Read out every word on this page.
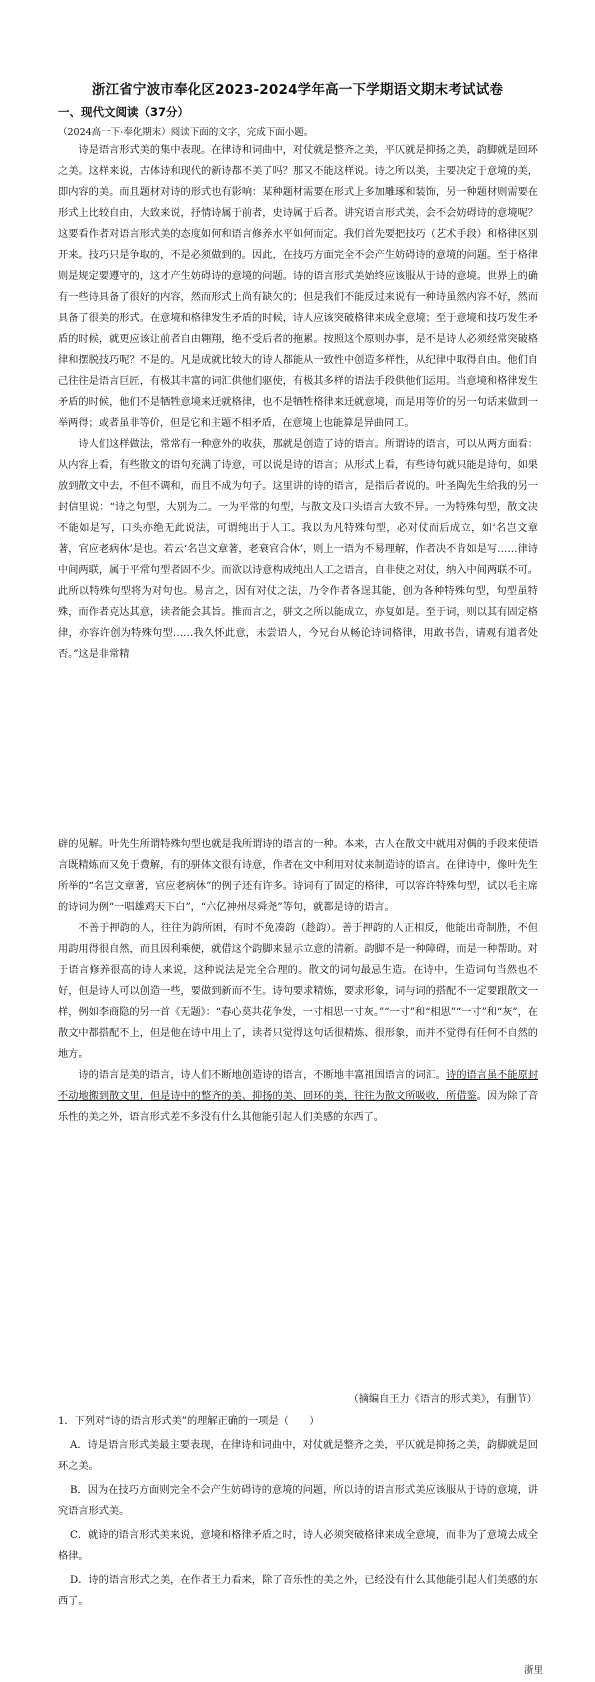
浙江省宁波市奉化区2023-2024学年高一下学期语文期末考试试卷
一、现代文阅读（37分）
（2024高一下·奉化期末）阅读下面的文字，完成下面小题。

诗是语言形式美的集中表现。在律诗和词曲中，对仗就是整齐之美，平仄就是抑扬之美，韵脚就是回环之美。这样来说，古体诗和现代的新诗都不美了吗？那又不能这样说。诗之所以美，主要决定于意境的美，即内容的美。而且题材对诗的形式也有影响：某种题材需要在形式上多加雕琢和装饰，另一种题材则需要在形式上比较自由，大致来说，抒情诗属于前者，史诗属于后者。讲究语言形式美，会不会妨碍诗的意境呢？这要看作者对语言形式美的态度如何和语言修养水平如何而定。我们首先要把技巧（艺术手段）和格律区别开来。技巧只是争取的，不是必须做到的。因此，在技巧方面完全不会产生妨碍诗的意境的问题。至于格律则是规定要遵守的，这才产生妨碍诗的意境的问题。诗的语言形式美始终应该服从于诗的意境。世界上的确有一些诗具备了很好的内容，然而形式上尚有缺欠的；但是我们不能反过来说有一种诗虽然内容不好，然而具备了很美的形式。在意境和格律发生矛盾的时候，诗人应该突破格律来成全意境；至于意境和技巧发生矛盾的时候，就更应该让前者自由翱翔，绝不受后者的拖累。按照这个原则办事，是不是诗人必须经常突破格律和摆脱技巧呢？不是的。凡是成就比较大的诗人都能从一致性中创造多样性，从纪律中取得自由。他们自己往往是语言巨匠，有极其丰富的词汇供他们驱使，有极其多样的语法手段供他们运用。当意境和格律发生矛盾的时候，他们不是牺牲意境来迁就格律，也不是牺牲格律来迁就意境，而是用等价的另一句话来做到一举两得；或者虽非等价，但是它和主题不相矛盾，在意境上也能算是异曲同工。

诗人们这样做法，常常有一种意外的收获，那就是创造了诗的语言。所谓诗的语言，可以从两方面看：从内容上看，有些散文的语句充满了诗意，可以说是诗的语言；从形式上看，有些诗句就只能是诗句，如果放到散文中去，不但不调和，而且不成为句子。这里讲的诗的语言，是指后者说的。叶圣陶先生给我的另一封信里说：“诗之句型，大别为二。一为平常的句型，与散文及口头语言大致不异。一为特殊句型，散文决不能如是写，口头亦绝无此说法，可谓纯出于人工。我以为凡特殊句型，必对仗而后成立，如‘名岂文章著，官应老病休’是也。若云‘名岂文章著，老衰官合休’，则上一语为不易理解，作者决不肯如是写……律诗中间两联，属于平常句型者固不少。而欲以诗意构成纯出人工之语言，自非使之对仗，纳入中间两联不可。此所以特殊句型将为对句也。易言之，因有对仗之法，乃令作者各逞其能，创为各种特殊句型，句型虽特殊，而作者克达其意，读者能会其旨。推而言之，骈文之所以能成立，亦复如是。至于词，则以其有固定格律，亦容许创为特殊句型……我久怀此意，未尝语人，今兄台从畅论诗词格律，用敢书告，请观有道者处否。”这是非常精

辟的见解。叶先生所谓特殊句型也就是我所谓诗的语言的一种。本来，古人在散文中就用对偶的手段来使语言既精炼而又免于费解，有的骈体文很有诗意，作者在文中利用对仗来制造诗的语言。在律诗中，像叶先生所举的“名岂文章著，官应老病休”的例子还有许多。诗词有了固定的格律，可以容许特殊句型，试以毛主席的诗词为例“一唱雄鸡天下白”，“六亿神州尽舜尧”等句，就都是诗的语言。

不善于押韵的人，往往为韵所困，有时不免凑韵（趁韵）。善于押韵的人正相反，他能出奇制胜，不但用韵用得很自然，而且因利乘便，就借这个韵脚来显示立意的清新。韵脚不是一种障碍，而是一种帮助。对于语言修养很高的诗人来说，这种说法是完全合理的。散文的词句最忌生造。在诗中，生造词句当然也不好，但是诗人可以创造一些，要做到新而不生。诗句要求精炼，要求形象，词与词的搭配不一定要跟散文一样，例如李商隐的另一首《无题》：“春心莫共花争发，一寸相思一寸灰。”“一寸”和“相思”“一寸”和“灰”，在散文中都搭配不上，但是他在诗中用上了，读者只觉得这句话很精炼、很形象，而并不觉得有任何不自然的地方。

诗的语言是美的语言，诗人们不断地创造诗的语言，不断地丰富祖国语言的词汇。诗的语言虽不能原封不动地搬到散文里，但是诗中的整齐的美、抑扬的美、回环的美，往往为散文所吸收，所借鉴。因为除了音乐性的美之外，语言形式差不多没有什么其他能引起人们美感的东西了。

（摘编自王力《语言的形式美》，有删节）
1．下列对“诗的语言形式美”的理解正确的一项是（　　）
A．诗是语言形式美最主要表现，在律诗和词曲中，对仗就是整齐之美，平仄就是抑扬之美，韵脚就是回环之美。
B．因为在技巧方面则完全不会产生妨碍诗的意境的问题，所以诗的语言形式美应该服从于诗的意境，讲究语言形式美。
C．就诗的语言形式美来说，意境和格律矛盾之时，诗人必须突破格律来成全意境，而非为了意境去成全格律。
D．诗的语言形式之美，在作者王力看来，除了音乐性的美之外，已经没有什么其他能引起人们美感的东西了。
浙里
